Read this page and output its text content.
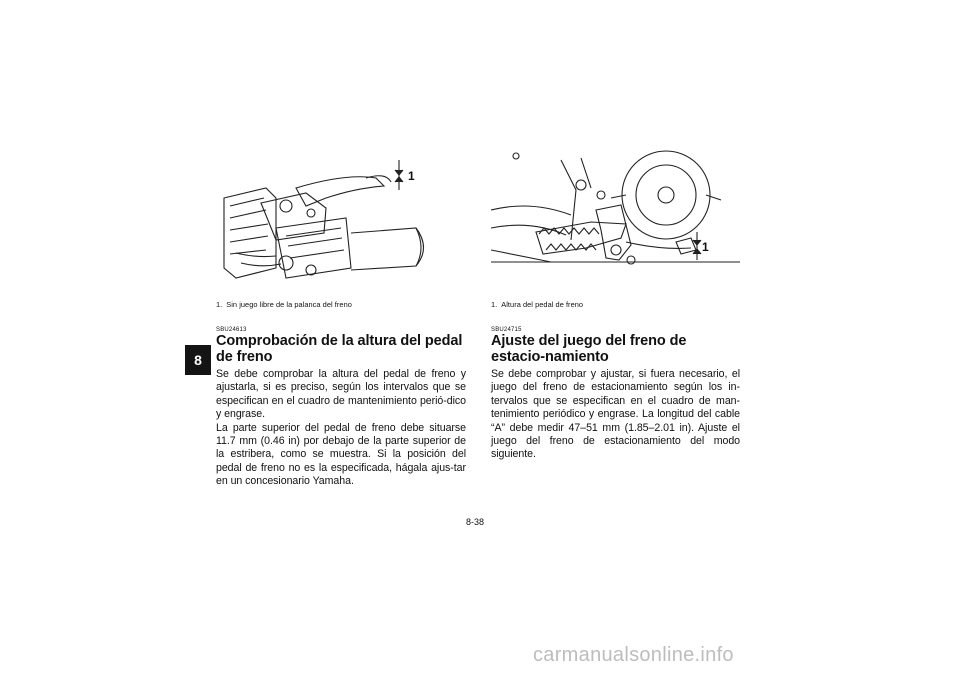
8
1
1. Sin juego libre de la palanca del freno
SBU24613
Comprobación de la altura del pedal de freno

Se debe comprobar la altura del pedal de freno y ajustarla, si es preciso, según los intervalos que se especifican en el cuadro de mantenimiento perió-dico y engrase.

La parte superior del pedal de freno debe situarse 11.7 mm (0.46 in) por debajo de la parte superior de la estribera, como se muestra. Si la posición del pedal de freno no es la especificada, hágala ajus-tar en un concesionario Yamaha.

1
1. Altura del pedal de freno
SBU24715
Ajuste del juego del freno de estacio-namiento

Se debe comprobar y ajustar, si fuera necesario, el juego del freno de estacionamiento según los in-tervalos que se especifican en el cuadro de man-tenimiento periódico y engrase. La longitud del cable “A” debe medir 47–51 mm (1.85–2.01 in). Ajuste el juego del freno de estacionamiento del modo siguiente.

8-38
carmanualsonline.info
